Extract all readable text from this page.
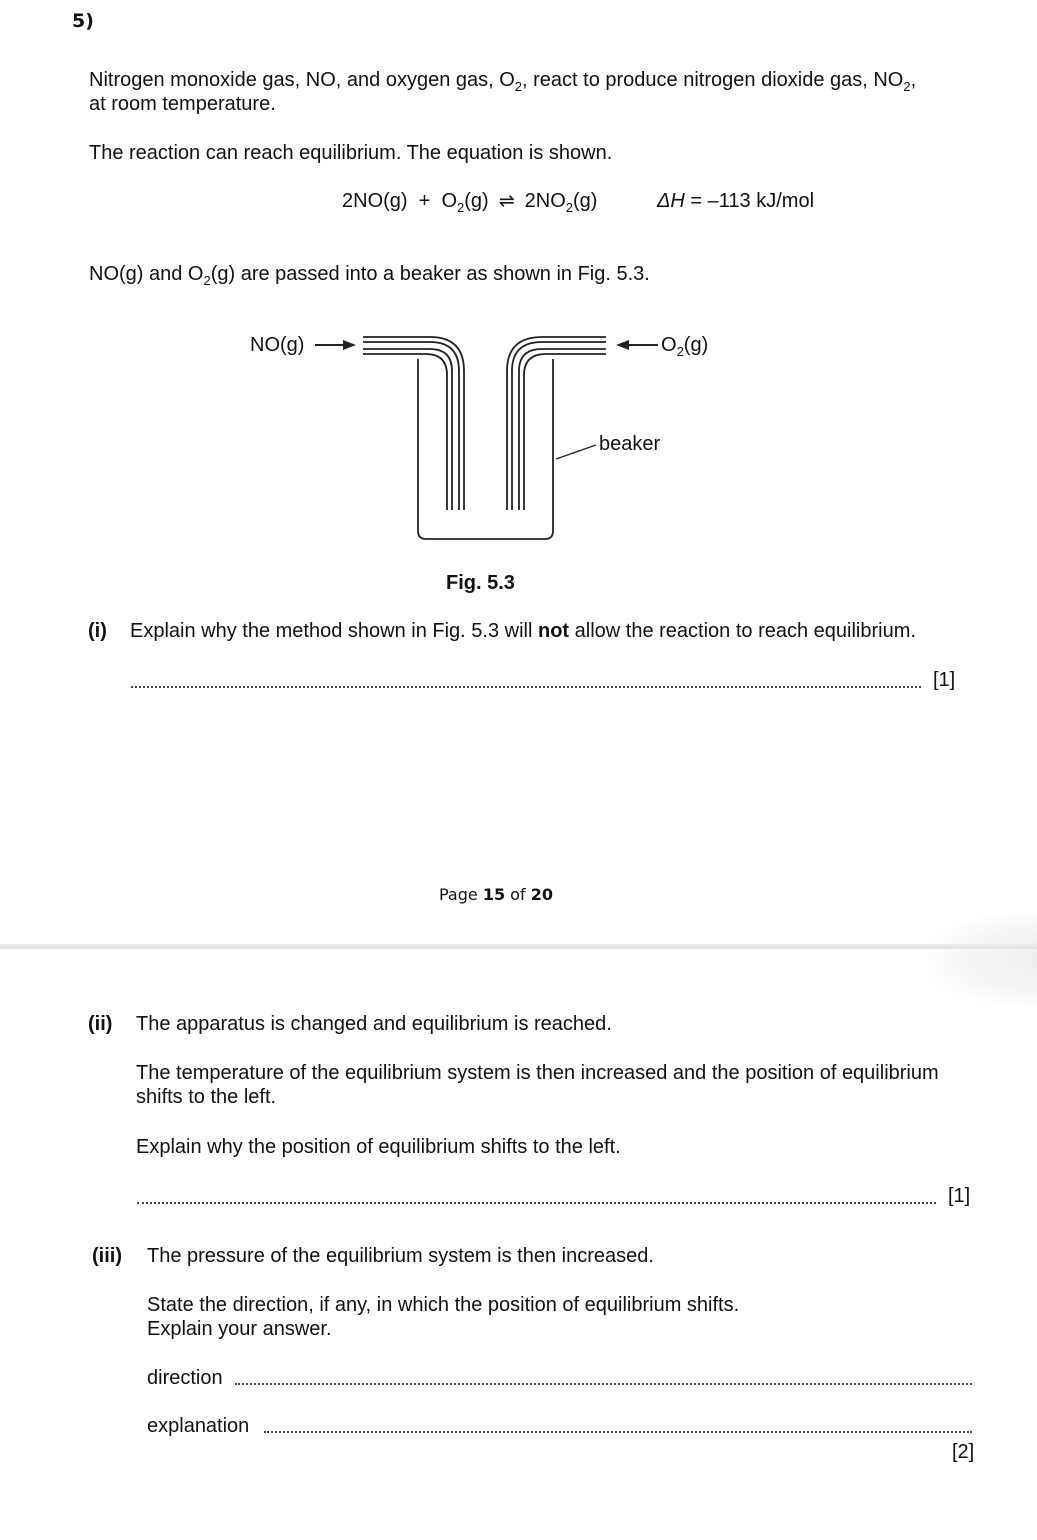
5)
Nitrogen monoxide gas, NO, and oxygen gas, $O_2$, react to produce nitrogen dioxide gas, $NO_2$,
at room temperature.
The reaction can reach equilibrium. The equation is shown.
$2NO(g) + O_2(g)$ ⇌ $2NO_2(g)$	ΔH = –113 kJ/mol
NO(g) and $O_2(g)$ are passed into a beaker as shown in Fig. 5.3.
NO(g)	$O_2(g)$
beaker
Fig. 5.3
(i) Explain why the method shown in Fig. 5.3 will not allow the reaction to reach equilibrium.
[1]
Page 15 of 20
(ii) The apparatus is changed and equilibrium is reached.
The temperature of the equilibrium system is then increased and the position of equilibrium
shifts to the left.
Explain why the position of equilibrium shifts to the left.
[1]
(iii) The pressure of the equilibrium system is then increased.
State the direction, if any, in which the position of equilibrium shifts.
Explain your answer.
direction
explanation
[2]
